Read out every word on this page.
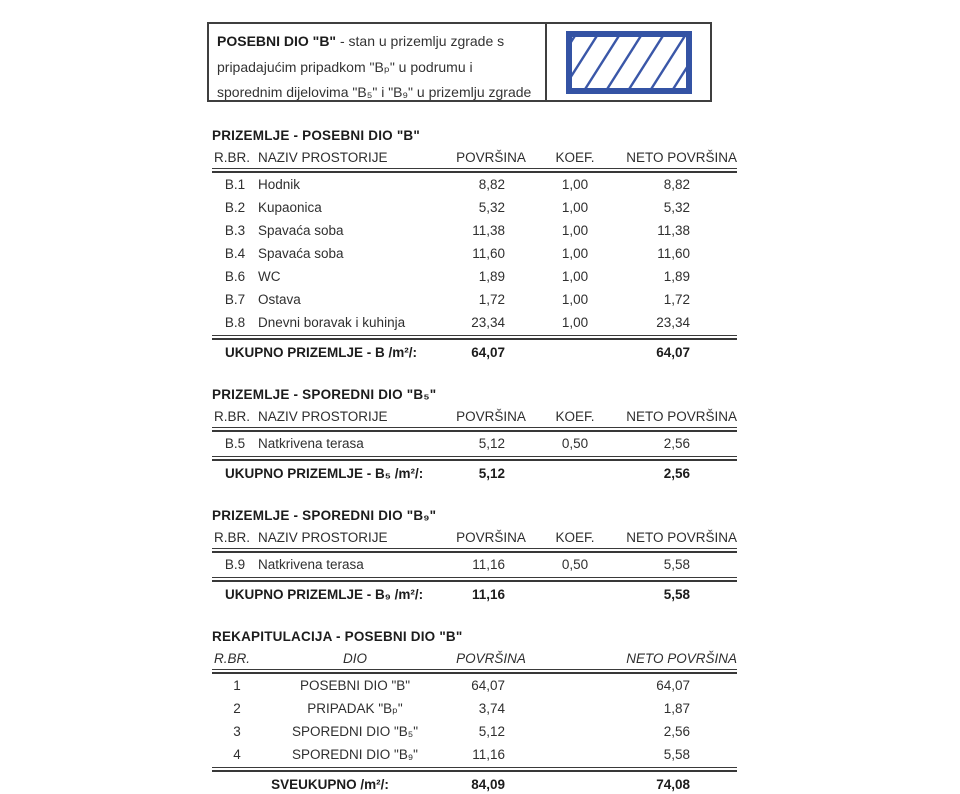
POSEBNI DIO "B" - stan u prizemlju zgrade s pripadajućim pripadkom "Bₚ" u podrumu i sporednim dijelovima "B₅" i "B₉" u prizemlju zgrade
PRIZEMLJE - POSEBNI DIO "B"
R.BR. NAZIV PROSTORIJE	POVRŠINA	KOEF.	NETO POVRŠINA
B.1 Hodnik	8,82	1,00	8,82
B.2 Kupaonica	5,32	1,00	5,32
B.3 Spavaća soba	11,38	1,00	11,38
B.4 Spavaća soba	11,60	1,00	11,60
B.6 WC	1,89	1,00	1,89
B.7 Ostava	1,72	1,00	1,72
B.8 Dnevni boravak i kuhinja	23,34	1,00	23,34
UKUPNO PRIZEMLJE - B /m²/:	64,07	64,07
PRIZEMLJE - SPOREDNI DIO "B₅"
R.BR. NAZIV PROSTORIJE	POVRŠINA	KOEF.	NETO POVRŠINA
B.5 Natkrivena terasa	5,12	0,50	2,56
UKUPNO PRIZEMLJE - B₅ /m²/:	5,12	2,56
PRIZEMLJE - SPOREDNI DIO "B₉"
R.BR. NAZIV PROSTORIJE	POVRŠINA	KOEF.	NETO POVRŠINA
B.9 Natkrivena terasa	11,16	0,50	5,58
UKUPNO PRIZEMLJE - B₉ /m²/:	11,16	5,58
REKAPITULACIJA - POSEBNI DIO "B"
R.BR.	DIO	POVRŠINA	NETO POVRŠINA
1	POSEBNI DIO "B"	64,07	64,07
2	PRIPADAK "Bₚ"	3,74	1,87
3	SPOREDNI DIO "B₅"	5,12	2,56
4	SPOREDNI DIO "B₉"	11,16	5,58
SVEUKUPNO /m²/:	84,09	74,08
